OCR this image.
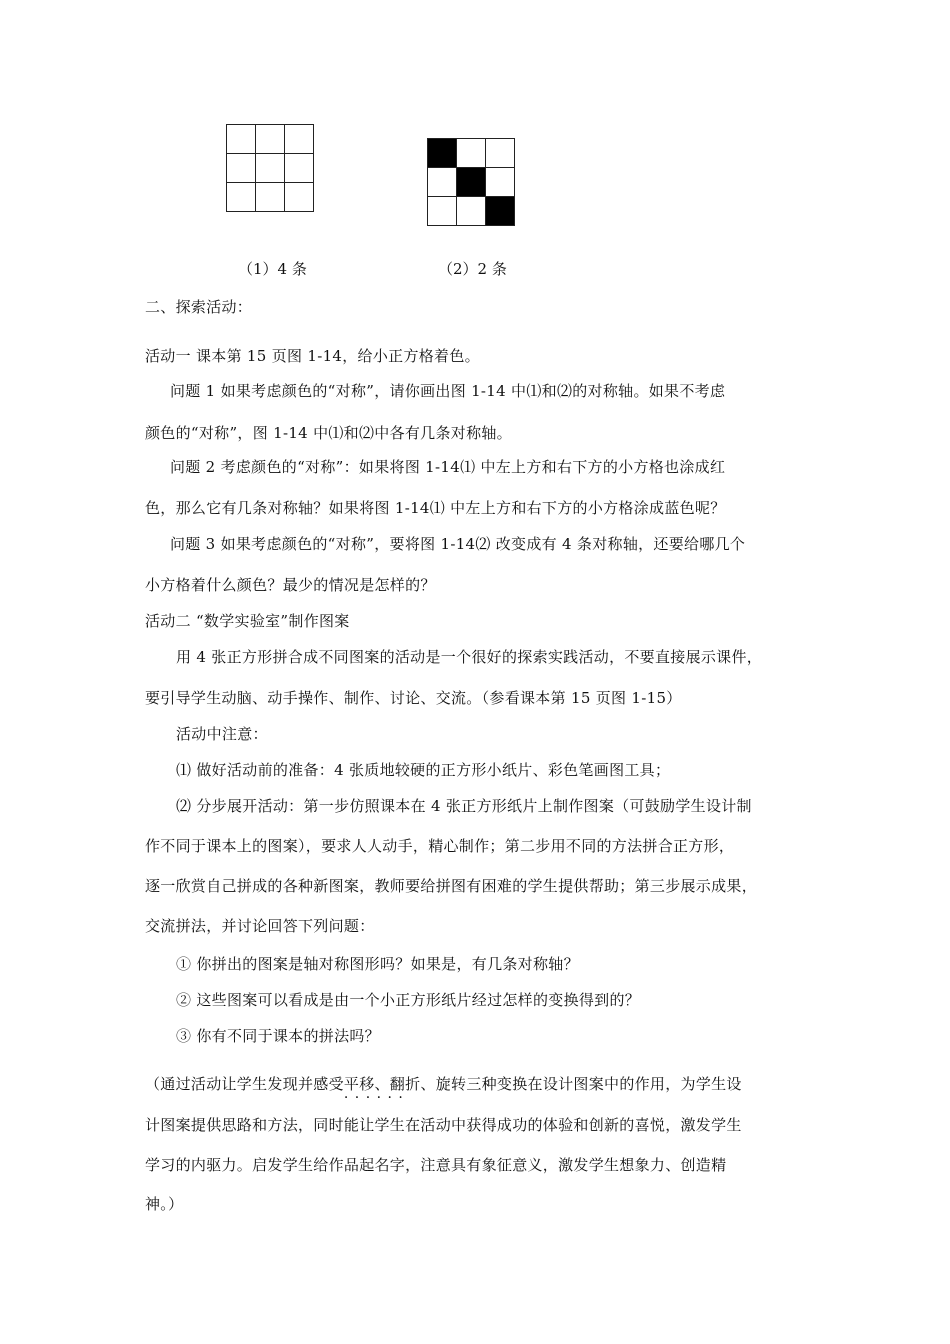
（1）4 条	（2）2 条
二、探索活动：
活动一 课本第 15 页图 1-14，给小正方格着色。
问题 1 如果考虑颜色的“对称”，请你画出图 1-14 中⑴和⑵的对称轴。如果不考虑
颜色的“对称”，图 1-14 中⑴和⑵中各有几条对称轴。
问题 2 考虑颜色的“对称”：如果将图 1-14⑴ 中左上方和右下方的小方格也涂成红
色，那么它有几条对称轴？如果将图 1-14⑴ 中左上方和右下方的小方格涂成蓝色呢？
问题 3 如果考虑颜色的“对称”，要将图 1-14⑵ 改变成有 4 条对称轴，还要给哪几个
小方格着什么颜色？最少的情况是怎样的？
活动二 “数学实验室”制作图案
用 4 张正方形拼合成不同图案的活动是一个很好的探索实践活动，不要直接展示课件，
要引导学生动脑、动手操作、制作、讨论、交流。（参看课本第 15 页图 1-15）
活动中注意：
⑴ 做好活动前的准备：4 张质地较硬的正方形小纸片、彩色笔画图工具；
⑵ 分步展开活动：第一步仿照课本在 4 张正方形纸片上制作图案（可鼓励学生设计制
作不同于课本上的图案），要求人人动手，精心制作；第二步用不同的方法拼合正方形，
逐一欣赏自己拼成的各种新图案，教师要给拼图有困难的学生提供帮助；第三步展示成果，
交流拼法，并讨论回答下列问题：
① 你拼出的图案是轴对称图形吗？如果是，有几条对称轴？
② 这些图案可以看成是由一个小正方形纸片经过怎样的变换得到的？
③ 你有不同于课本的拼法吗？
（通过活动让学生发现并感受平移、翻折、旋转 · ·三种变换在设计图案中的作用，为学生设
计图案提供思路和方法，同时能让学生在活动中获得成功的体验和创新的喜悦，激发学生
学习的内驱力。启发学生给作品起名字，注意具有象征意义，激发学生想象力、创造精
神。）
